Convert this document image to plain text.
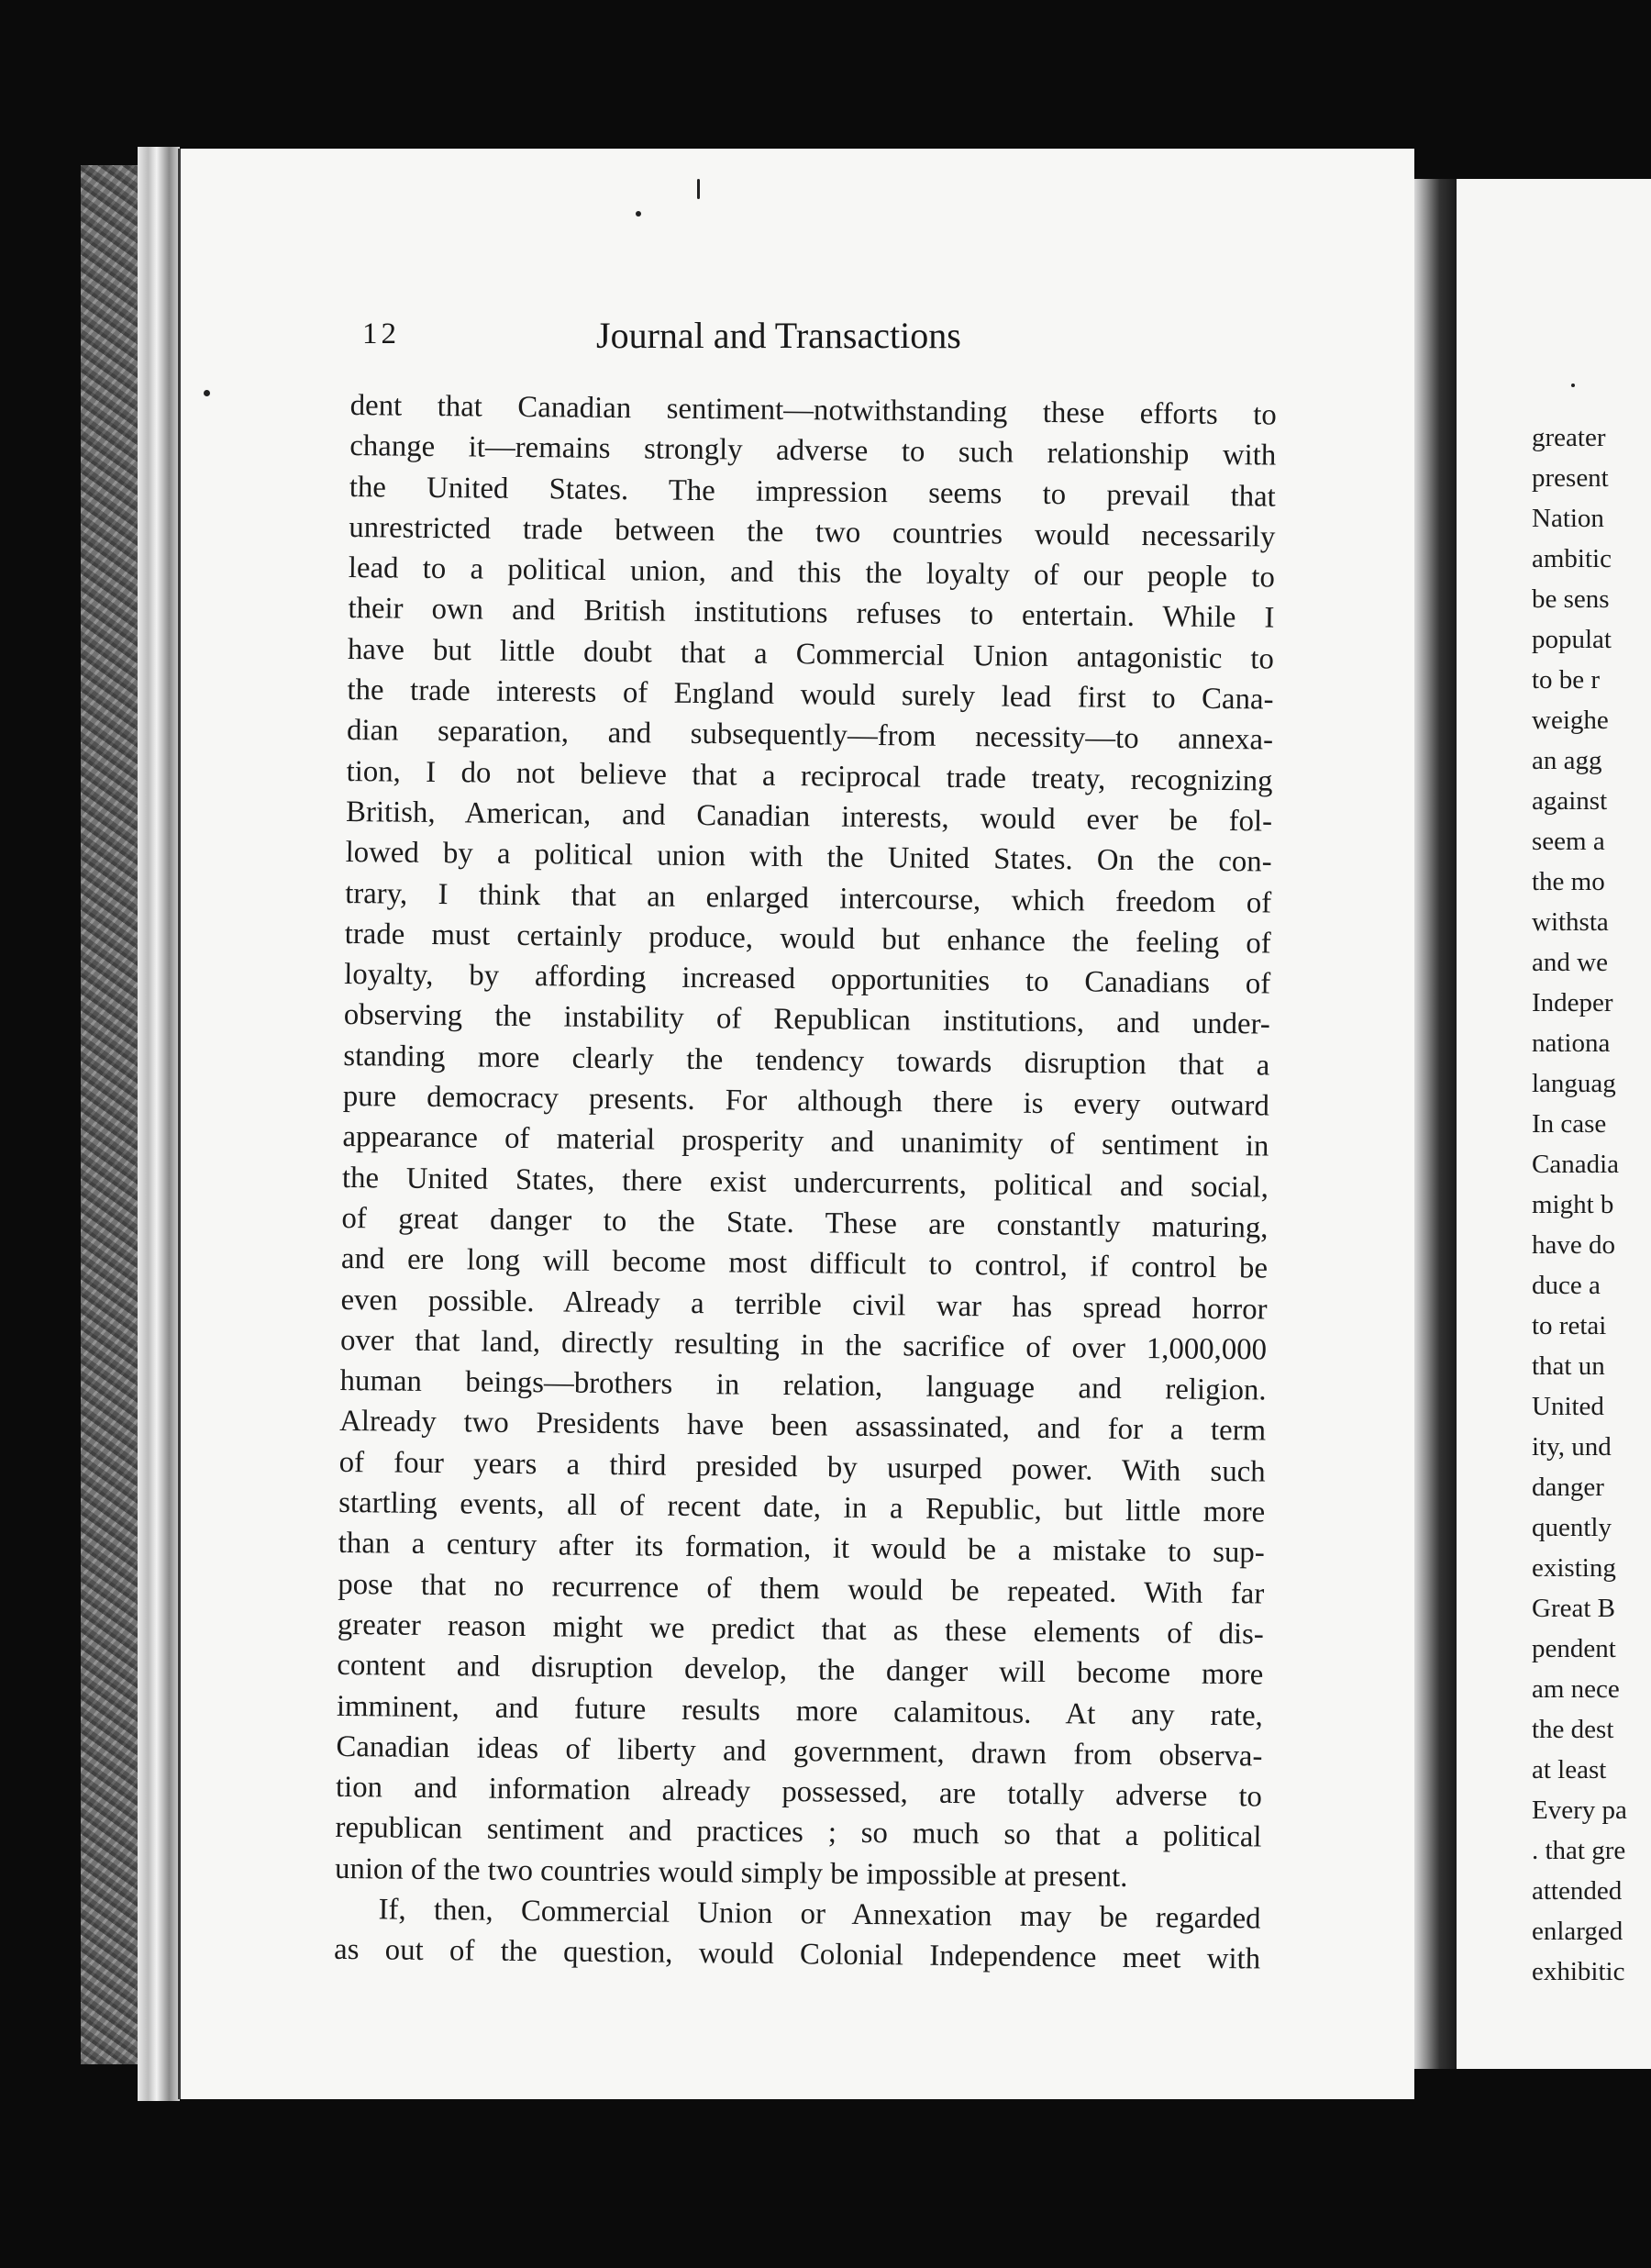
12	Journal and Transactions
dent that Canadian sentiment—notwithstanding these efforts to
change it—remains strongly adverse to such relationship with
the United States. The impression seems to prevail that
unrestricted trade between the two countries would necessarily
lead to a political union, and this the loyalty of our people to
their own and British institutions refuses to entertain. While I
have but little doubt that a Commercial Union antagonistic to
the trade interests of England would surely lead first to Cana-
dian separation, and subsequently—from necessity—to annexa-
tion, I do not believe that a reciprocal trade treaty, recognizing
British, American, and Canadian interests, would ever be fol-
lowed by a political union with the United States. On the con-
trary, I think that an enlarged intercourse, which freedom of
trade must certainly produce, would but enhance the feeling of
loyalty, by affording increased opportunities to Canadians of
observing the instability of Republican institutions, and under-
standing more clearly the tendency towards disruption that a
pure democracy presents. For although there is every outward
appearance of material prosperity and unanimity of sentiment in
the United States, there exist undercurrents, political and social,
of great danger to the State. These are constantly maturing,
and ere long will become most difficult to control, if control be
even possible. Already a terrible civil war has spread horror
over that land, directly resulting in the sacrifice of over 1,000,000
human beings—brothers in relation, language and religion.
Already two Presidents have been assassinated, and for a term
of four years a third presided by usurped power. With such
startling events, all of recent date, in a Republic, but little more
than a century after its formation, it would be a mistake to sup-
pose that no recurrence of them would be repeated. With far
greater reason might we predict that as these elements of dis-
content and disruption develop, the danger will become more
imminent, and future results more calamitous. At any rate,
Canadian ideas of liberty and government, drawn from observa-
tion and information already possessed, are totally adverse to
republican sentiment and practices ; so much so that a political
union of the two countries would simply be impossible at present.
If, then, Commercial Union or Annexation may be regarded
as out of the question, would Colonial Independence meet with
greater
present
Nation
ambitic
be sens
populat
to be r
weighe
an agg
against
seem a
the mo
withsta
and we
Indeper
nationa
languag
In case
Canadia
might b
have do
duce a
to retai
that un
United
ity, und
danger
quently
existing
Great B
pendent
am nece
the dest
at least
Every pa
. that gre
attended
enlarged
exhibitic
